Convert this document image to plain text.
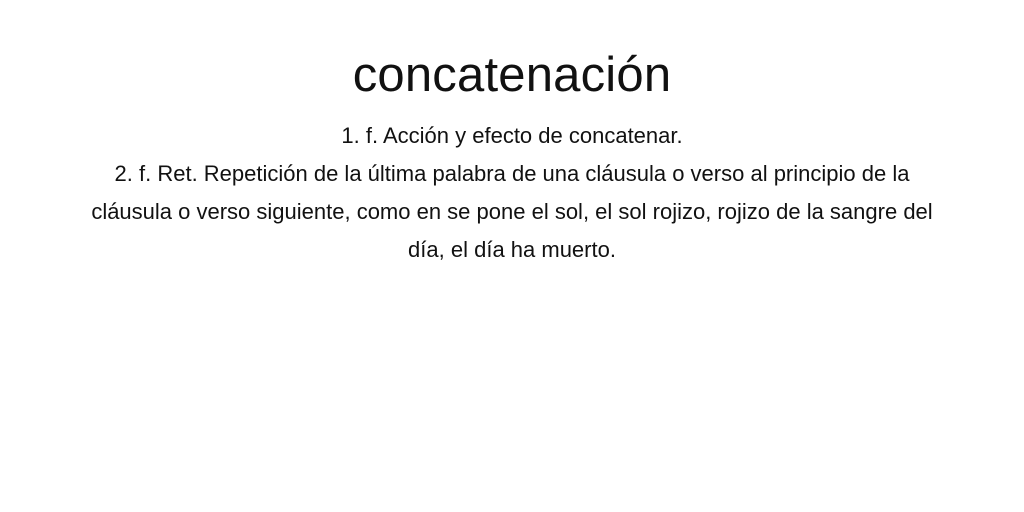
concatenación
1. f. Acción y efecto de concatenar.
2. f. Ret. Repetición de la última palabra de una cláusula o verso al principio de la cláusula o verso siguiente, como en se pone el sol, el sol rojizo, rojizo de la sangre del día, el día ha muerto.
